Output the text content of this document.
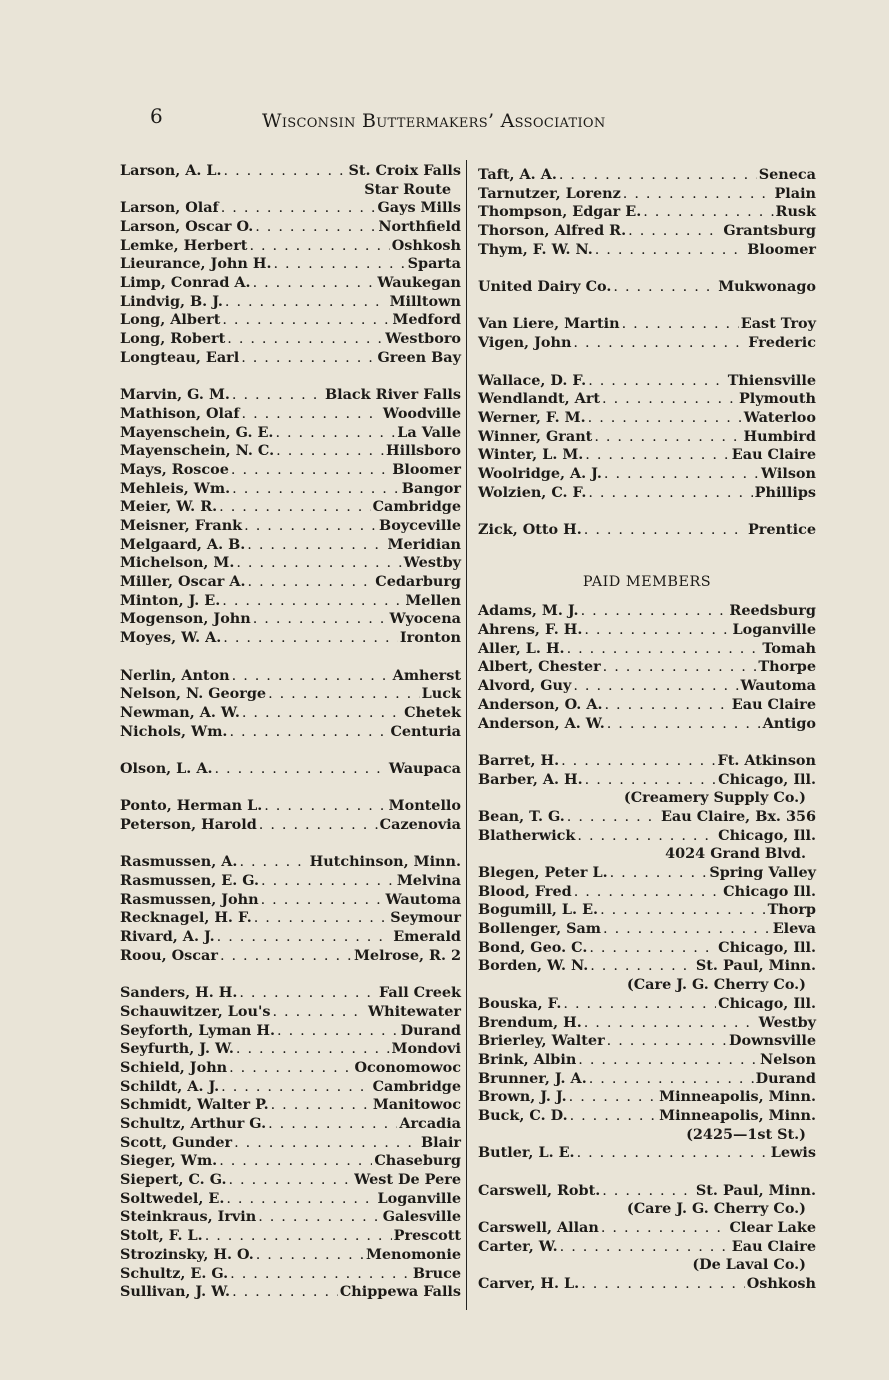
6	Wisconsin Buttermakers’ Association
Larson, A. L. . . .	St. Croix Falls
Star Route
Larson, Olaf . . .	Gays Mills
Larson, Oscar O. . . .	Northfield
Lemke, Herbert . . .	Oshkosh
Lieurance, John H. . . .	Sparta
Limp, Conrad A. . . .	Waukegan
Lindvig, B. J. . . .	Milltown
Long, Albert . . .	Medford
Long, Robert . . .	Westboro
Longteau, Earl . . .	Green Bay
Marvin, G. M. . . .	Black River Falls
Mathison, Olaf . . .	Woodville
Mayenschein, G. E. . . .	La Valle
Mayenschein, N. C. . . .	Hillsboro
Mays, Roscoe . . .	Bloomer
Mehleis, Wm. . . .	Bangor
Meier, W. R. . . .	Cambridge
Meisner, Frank . . .	Boyceville
Melgaard, A. B. . . .	Meridian
Michelson, M. . . .	Westby
Miller, Oscar A. . . .	Cedarburg
Minton, J. E. . . .	Mellen
Mogenson, John . . .	Wyocena
Moyes, W. A. . . .	Ironton
Nerlin, Anton . . .	Amherst
Nelson, N. George . . .	Luck
Newman, A. W. . . .	Chetek
Nichols, Wm. . . .	Centuria
Olson, L. A. . . .	Waupaca
Ponto, Herman L. . . .	Montello
Peterson, Harold . . .	Cazenovia
Rasmussen, A. . . .	Hutchinson, Minn.
Rasmussen, E. G. . . .	Melvina
Rasmussen, John . . .	Wautoma
Recknagel, H. F. . . .	Seymour
Rivard, A. J. . . .	Emerald
Roou, Oscar . . .	Melrose, R. 2
Sanders, H. H. . . .	Fall Creek
Schauwitzer, Lou's . . .	Whitewater
Seyforth, Lyman H. . . .	Durand
Seyfurth, J. W. . . .	Mondovi
Schield, John . . .	Oconomowoc
Schildt, A. J. . . .	Cambridge
Schmidt, Walter P. . . .	Manitowoc
Schultz, Arthur G. . . .	Arcadia
Scott, Gunder . . .	Blair
Sieger, Wm. . . .	Chaseburg
Siepert, C. G. . . .	West De Pere
Soltwedel, E. . . .	Loganville
Steinkraus, Irvin . . .	Galesville
Stolt, F. L. . . .	Prescott
Strozinsky, H. O. . . .	Menomonie
Schultz, E. G. . . .	Bruce
Sullivan, J. W. . . .	Chippewa Falls
Taft, A. A. . . .	Seneca
Tarnutzer, Lorenz . . .	Plain
Thompson, Edgar E. . . .	Rusk
Thorson, Alfred R. . . .	Grantsburg
Thym, F. W. N. . . .	Bloomer
United Dairy Co. . . .	Mukwonago
Van Liere, Martin . . .	East Troy
Vigen, John . . .	Frederic
Wallace, D. F. . . .	Thiensville
Wendlandt, Art . . .	Plymouth
Werner, F. M. . . .	Waterloo
Winner, Grant . . .	Humbird
Winter, L. M. . . .	Eau Claire
Woolridge, A. J. . . .	Wilson
Wolzien, C. F. . . .	Phillips
Zick, Otto H. . . .	Prentice
PAID MEMBERS
Adams, M. J. . . .	Reedsburg
Ahrens, F. H. . . .	Loganville
Aller, L. H. . . .	Tomah
Albert, Chester . . .	Thorpe
Alvord, Guy . . .	Wautoma
Anderson, O. A. . . .	Eau Claire
Anderson, A. W. . . .	Antigo
Barret, H. . . .	Ft. Atkinson
Barber, A. H. . . .	Chicago, Ill.
(Creamery Supply Co.)
Bean, T. G. . . .	Eau Claire, Bx. 356
Blatherwick . . .	Chicago, Ill.
4024 Grand Blvd.
Blegen, Peter L. . . .	Spring Valley
Blood, Fred . . .	Chicago Ill.
Bogumill, L. E. . . .	Thorp
Bollenger, Sam . . .	Eleva
Bond, Geo. C. . . .	Chicago, Ill.
Borden, W. N. . . .	St. Paul, Minn.
(Care J. G. Cherry Co.)
Bouska, F. . . .	Chicago, Ill.
Brendum, H. . . .	Westby
Brierley, Walter . . .	Downsville
Brink, Albin . . .	Nelson
Brunner, J. A. . . .	Durand
Brown, J. J. . . .	Minneapolis, Minn.
Buck, C. D. . . .	Minneapolis, Minn.
(2425—1st St.)
Butler, L. E. . . .	Lewis
Carswell, Robt. . . .	St. Paul, Minn.
(Care J. G. Cherry Co.)
Carswell, Allan . . .	Clear Lake
Carter, W. . . .	Eau Claire
(De Laval Co.)
Carver, H. L. . . .	Oshkosh
